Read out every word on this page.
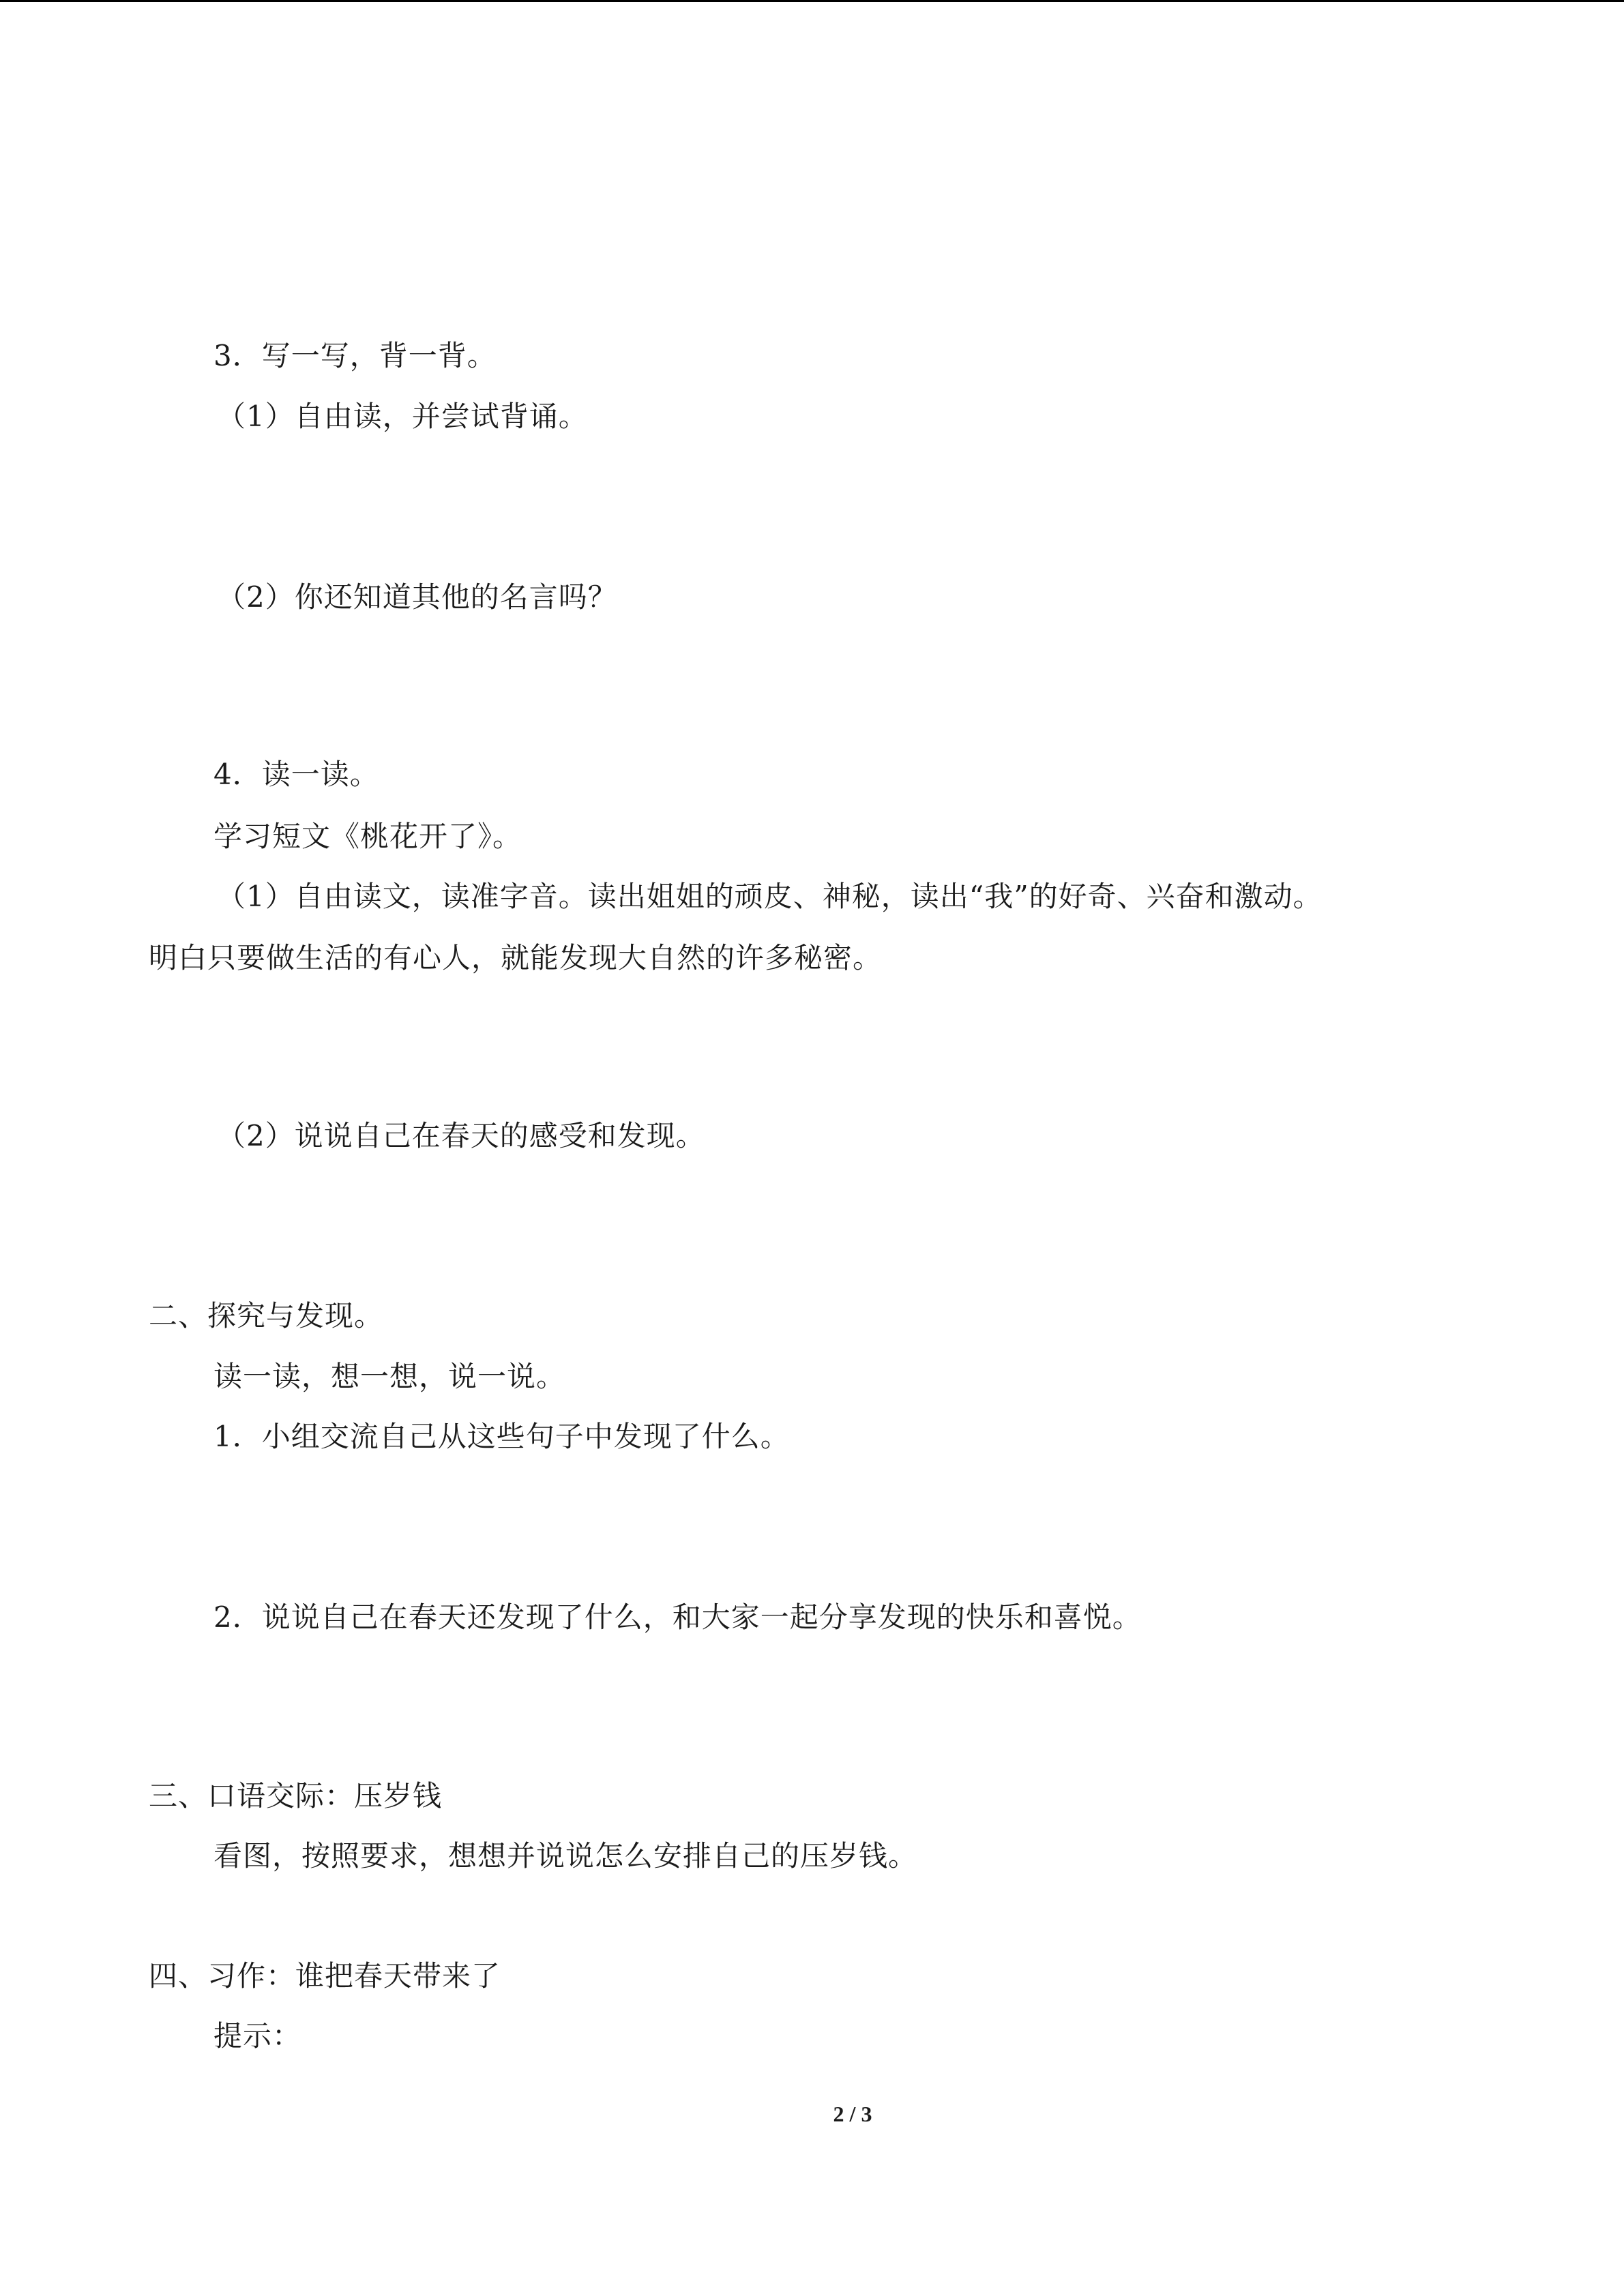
3．写一写，背一背。
（1）自由读，并尝试背诵。
（2）你还知道其他的名言吗？
4．读一读。
学习短文《桃花开了》。
（1）自由读文，读准字音。读出姐姐的顽皮、神秘，读出“我”的好奇、兴奋和激动。
明白只要做生活的有心人，就能发现大自然的许多秘密。
（2）说说自己在春天的感受和发现。
二、探究与发现。
读一读，想一想，说一说。
1．小组交流自己从这些句子中发现了什么。
2．说说自己在春天还发现了什么，和大家一起分享发现的快乐和喜悦。
三、口语交际：压岁钱
看图，按照要求，想想并说说怎么安排自己的压岁钱。
四、习作：谁把春天带来了
提示：
2 / 3
